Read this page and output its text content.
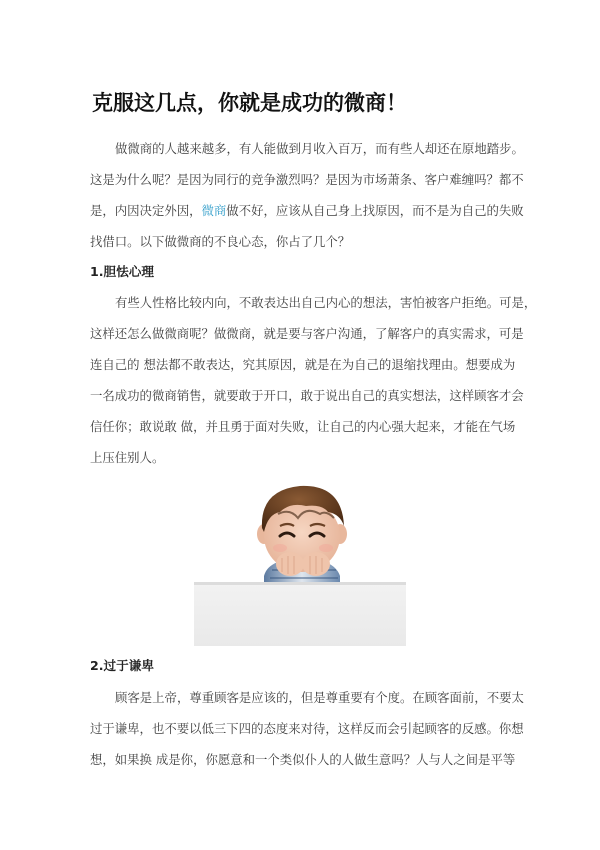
克服这几点，你就是成功的微商！

做微商的人越来越多，有人能做到月收入百万，而有些人却还在原地踏步。
这是为什么呢？是因为同行的竞争激烈吗？是因为市场萧条、客户难缠吗？都不
是，内因决定外因，微商做不好，应该从自己身上找原因，而不是为自己的失败
找借口。以下做微商的不良心态，你占了几个？

1.胆怯心理

有些人性格比较内向，不敢表达出自己内心的想法，害怕被客户拒绝。可是，
这样还怎么做微商呢？做微商，就是要与客户沟通，了解客户的真实需求，可是
连自己的 想法都不敢表达，究其原因，就是在为自己的退缩找理由。想要成为
一名成功的微商销售，就要敢于开口，敢于说出自己的真实想法，这样顾客才会
信任你；敢说敢 做，并且勇于面对失败，让自己的内心强大起来，才能在气场
上压住别人。

2.过于谦卑

顾客是上帝，尊重顾客是应该的，但是尊重要有个度。在顾客面前，不要太
过于谦卑，也不要以低三下四的态度来对待，这样反而会引起顾客的反感。你想
想，如果换 成是你，你愿意和一个类似仆人的人做生意吗？人与人之间是平等
